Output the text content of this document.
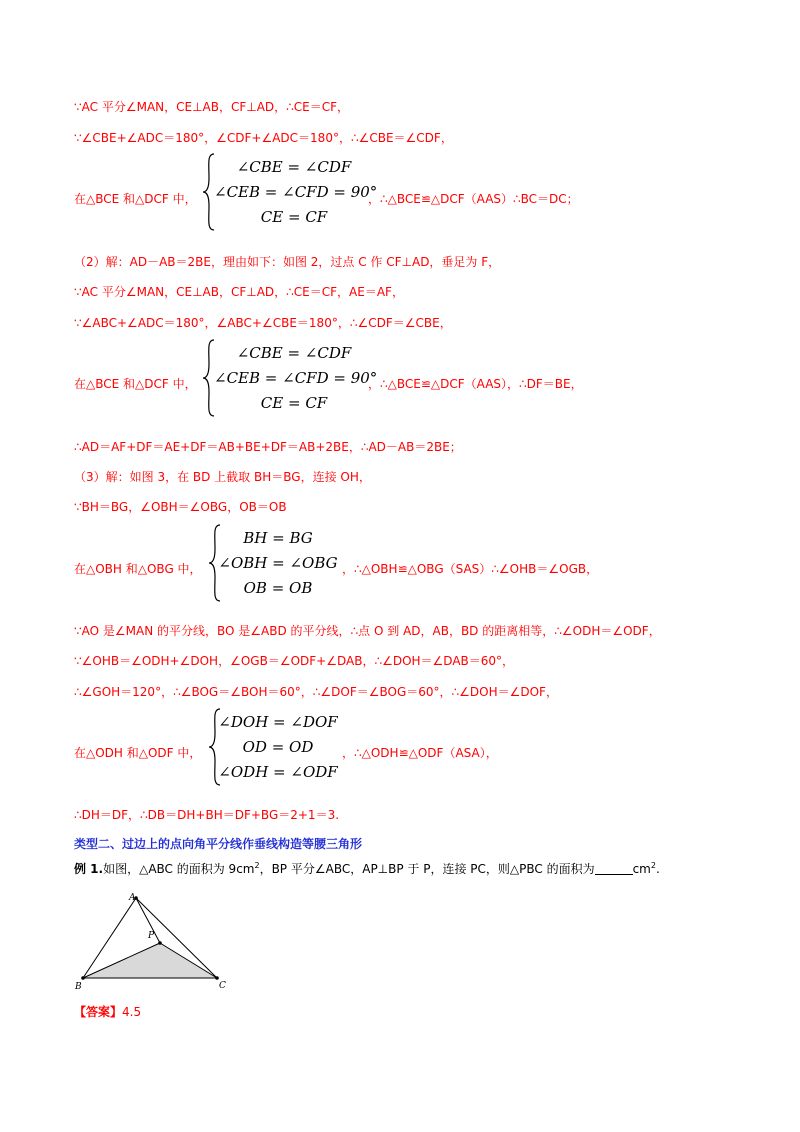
∵AC 平分∠MAN，CE⊥AB，CF⊥AD，∴CE＝CF，
∵∠CBE+∠ADC＝180°，∠CDF+∠ADC＝180°，∴∠CBE＝∠CDF，
在△BCE 和△DCF 中，
∠CBE = ∠CDF
∠CEB = ∠CFD = 90°
CE = CF
，∴△BCE≌△DCF（AAS）∴BC＝DC；
（2）解：AD－AB＝2BE，理由如下：如图 2，过点 C 作 CF⊥AD，垂足为 F，
∵AC 平分∠MAN，CE⊥AB，CF⊥AD，∴CE＝CF，AE＝AF，
∵∠ABC+∠ADC＝180°，∠ABC+∠CBE＝180°，∴∠CDF＝∠CBE，
在△BCE 和△DCF 中，
∠CBE = ∠CDF
∠CEB = ∠CFD = 90°
CE = CF
，∴△BCE≌△DCF（AAS），∴DF＝BE，
∴AD＝AF+DF＝AE+DF＝AB+BE+DF＝AB+2BE，∴AD－AB＝2BE；
（3）解：如图 3，在 BD 上截取 BH＝BG，连接 OH，
∵BH＝BG，∠OBH＝∠OBG，OB＝OB
在△OBH 和△OBG 中，
BH = BG
∠OBH = ∠OBG
OB = OB
，∴△OBH≌△OBG（SAS）∴∠OHB＝∠OGB，
∵AO 是∠MAN 的平分线，BO 是∠ABD 的平分线，∴点 O 到 AD，AB，BD 的距离相等，∴∠ODH＝∠ODF，
∵∠OHB＝∠ODH+∠DOH，∠OGB＝∠ODF+∠DAB，∴∠DOH＝∠DAB＝60°，
∴∠GOH＝120°，∴∠BOG＝∠BOH＝60°，∴∠DOF＝∠BOG＝60°，∴∠DOH＝∠DOF，
在△ODH 和△ODF 中，
∠DOH = ∠DOF
OD = OD
∠ODH = ∠ODF
，∴△ODH≌△ODF（ASA），
∴DH＝DF，∴DB＝DH+BH＝DF+BG＝2+1＝3.
类型二、过边上的点向角平分线作垂线构造等腰三角形
例 1.如图，△ABC 的面积为 $9cm^2$，BP 平分∠ABC，AP⊥BP 于 P，连接 PC，则△PBC 的面积为	$cm^2$.
A
B	C
P
【答案】4.5
